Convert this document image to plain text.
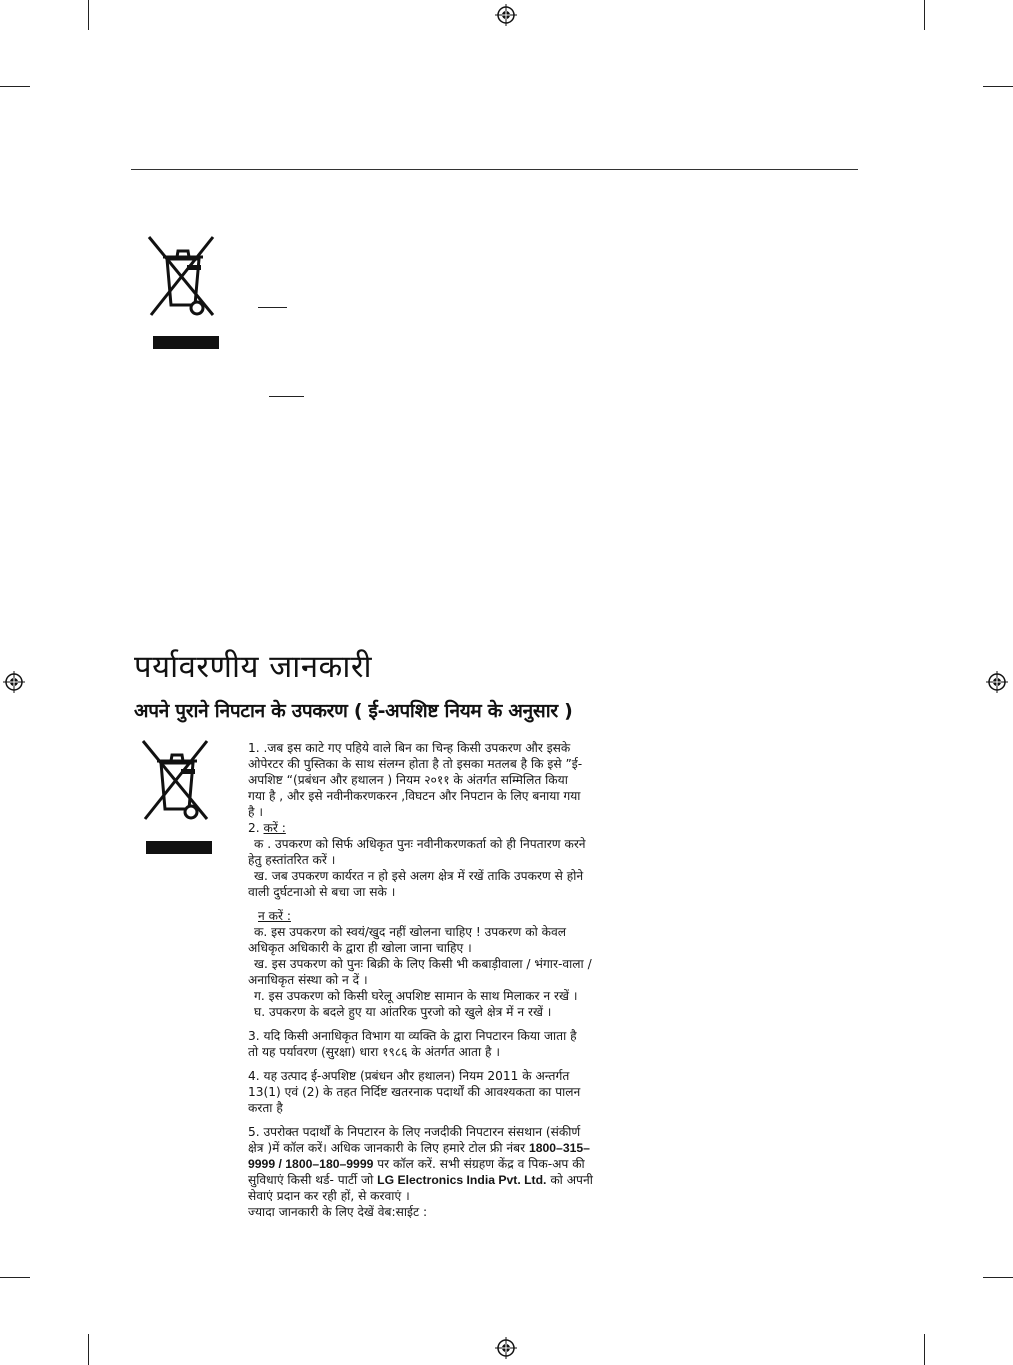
पर्यावरणीय जानकारी
अपने पुराने निपटान के उपकरण ( ई-अपशिष्ट नियम के अनुसार )

1. .जब इस काटे गए पहिये वाले बिन का चिन्ह किसी उपकरण और इसके

ओपेरटर की पुस्तिका के साथ संलग्न होता है तो इसका मतलब है कि इसे ”ई-

अपशिष्ट “(प्रबंधन और हथालन ) नियम २०११ के अंतर्गत सम्मिलित किया

गया है , और इसे नवीनीकरणकरन ,विघटन और निपटान के लिए बनाया गया

है ।

2. करें :

क . उपकरण को सिर्फ अधिकृत पुनः नवीनीकरणकर्ता को ही निपतारण करने

हेतु हस्तांतरित करें ।

ख. जब उपकरण कार्यरत न हो इसे अलग क्षेत्र में रखें ताकि उपकरण से होने

वाली दुर्घटनाओ से बचा जा सके ।

न करें :

क. इस उपकरण को स्वयं/खुद नहीं खोलना चाहिए ! उपकरण को केवल

अधिकृत अधिकारी के द्वारा ही खोला जाना चाहिए ।

ख. इस उपकरण को पुनः बिक्री के लिए किसी भी कबाड़ीवाला / भंगार-वाला /

अनाधिकृत संस्था को न दें ।

ग. इस उपकरण को किसी घरेलू अपशिष्ट सामान के साथ मिलाकर न रखें ।

घ. उपकरण के बदले हुए या आंतरिक पुरजो को खुले क्षेत्र में न रखें ।

3. यदि किसी अनाधिकृत विभाग या व्यक्ति के द्वारा निपटारन किया जाता है

तो यह पर्यावरण (सुरक्षा) धारा १९८६ के अंतर्गत आता है ।

4. यह उत्पाद ई-अपशिष्ट (प्रबंधन और हथालन) नियम 2011 के अन्तर्गत

13(1) एवं (2) के तहत निर्दिष्ट खतरनाक पदार्थों की आवश्यकता का पालन

करता है

5. उपरोक्त पदार्थों के निपटारन के लिए नजदीकी निपटारन संसथान (संकीर्ण

क्षेत्र )में कॉल करें। अधिक जानकारी के लिए हमारे टोल फ्री नंबर 1800–315–

9999 / 1800–180–9999 पर कॉल करें. सभी संग्रहण केंद्र व पिक-अप की

सुविधाएं किसी थर्ड- पार्टी जो LG Electronics India Pvt. Ltd. को अपनी

सेवाएं प्रदान कर रही हों, से करवाएं ।

ज्यादा जानकारी के लिए देखें वेब:साईट :
